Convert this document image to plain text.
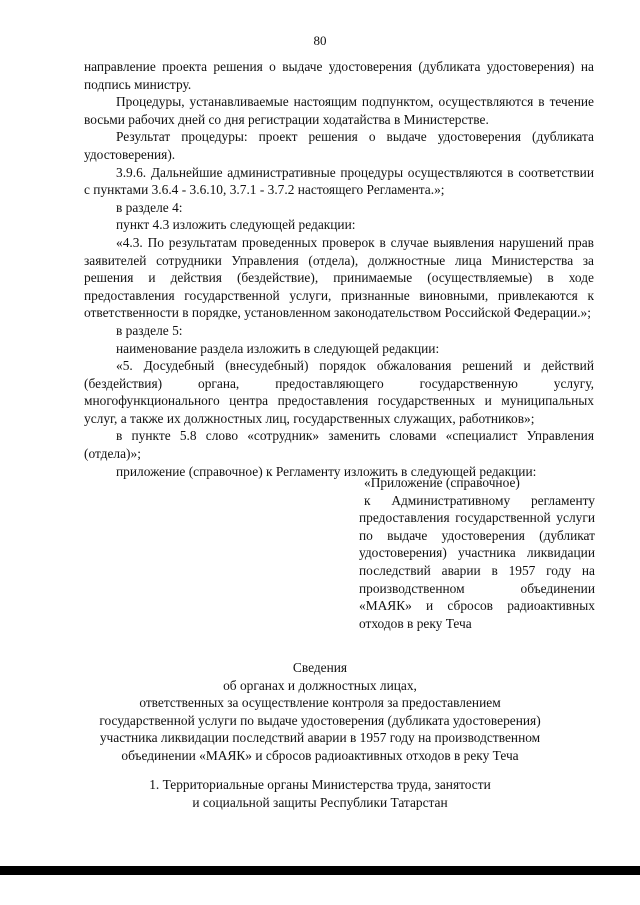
80

направление проекта решения о выдаче удостоверения (дубликата удостоверения) на подпись министру.

Процедуры, устанавливаемые настоящим подпунктом, осуществляются в течение восьми рабочих дней со дня регистрации ходатайства в Министерстве.

Результат процедуры: проект решения о выдаче удостоверения (дубликата удостоверения).

3.9.6. Дальнейшие административные процедуры осуществляются в соответствии с пунктами 3.6.4 - 3.6.10, 3.7.1 - 3.7.2 настоящего Регламента.»;

в разделе 4:

пункт 4.3 изложить следующей редакции:

«4.3. По результатам проведенных проверок в случае выявления нарушений прав заявителей сотрудники Управления (отдела), должностные лица Министерства за решения и действия (бездействие), принимаемые (осуществляемые) в ходе предоставления государственной услуги, признанные виновными, привлекаются к ответственности в порядке, установленном законодательством Российской Федерации.»;

в разделе 5:

наименование раздела изложить в следующей редакции:

«5. Досудебный (внесудебный) порядок обжалования решений и действий (бездействия) органа, предоставляющего государственную услугу, многофункционального центра предоставления государственных и муниципальных услуг, а также их должностных лиц, государственных служащих, работников»;

в пункте 5.8 слово «сотрудник» заменить словами «специалист Управления (отдела)»;

приложение (справочное) к Регламенту изложить в следующей редакции:

«Приложение (справочное)

к Административному регламенту предоставления государственной услуги по выдаче удостоверения (дубликат удостоверения) участника ликвидации последствий аварии в 1957 году на производственном объединении «МАЯК» и сбросов радиоактивных отходов в реку Теча

Сведения

об органах и должностных лицах,

ответственных за осуществление контроля за предоставлением

государственной услуги по выдаче удостоверения (дубликата удостоверения)

участника ликвидации последствий аварии в 1957 году на производственном

объединении «МАЯК» и сбросов радиоактивных отходов в реку Теча

1. Территориальные органы Министерства труда, занятости

и социальной защиты Республики Татарстан
